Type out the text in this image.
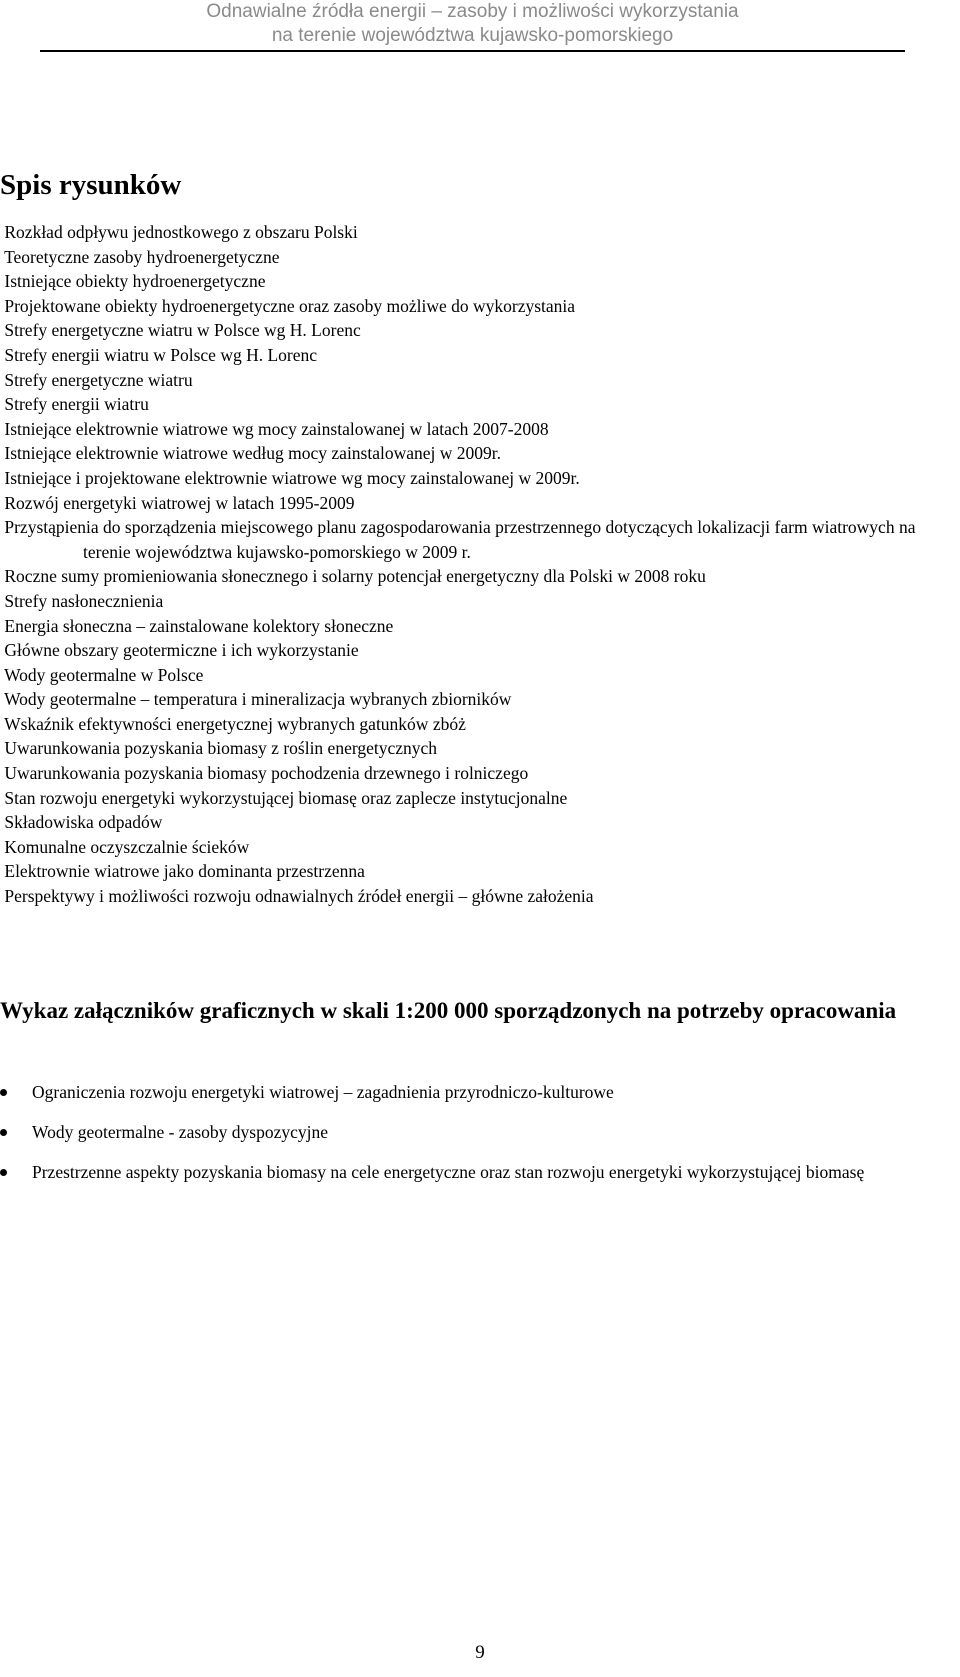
Odnawialne źródła energii – zasoby i możliwości wykorzystania
na terenie województwa kujawsko-pomorskiego
Spis rysunków
Rozkład odpływu jednostkowego z obszaru Polski
Teoretyczne zasoby hydroenergetyczne
Istniejące obiekty hydroenergetyczne
Projektowane obiekty hydroenergetyczne oraz zasoby możliwe do wykorzystania
Strefy energetyczne wiatru w Polsce wg H. Lorenc
Strefy energii wiatru w Polsce wg H. Lorenc
Strefy energetyczne wiatru
Strefy energii wiatru
Istniejące elektrownie wiatrowe wg mocy zainstalowanej w latach 2007-2008
Istniejące elektrownie wiatrowe według mocy zainstalowanej w 2009r.
Istniejące i projektowane elektrownie wiatrowe wg mocy zainstalowanej w 2009r.
Rozwój energetyki wiatrowej w latach 1995-2009
Przystąpienia do sporządzenia miejscowego planu zagospodarowania przestrzennego dotyczących lokalizacji farm wiatrowych na terenie województwa kujawsko-pomorskiego w 2009 r.
Roczne sumy promieniowania słonecznego i solarny potencjał energetyczny dla Polski w 2008 roku
Strefy nasłonecznienia
Energia słoneczna – zainstalowane kolektory słoneczne
Główne obszary geotermiczne i ich wykorzystanie
Wody geotermalne w Polsce
Wody geotermalne – temperatura i mineralizacja wybranych zbiorników
Wskaźnik efektywności energetycznej wybranych gatunków zbóż
Uwarunkowania pozyskania biomasy z roślin energetycznych
Uwarunkowania pozyskania biomasy pochodzenia drzewnego i rolniczego
Stan rozwoju energetyki wykorzystującej biomasę oraz zaplecze instytucjonalne
Składowiska odpadów
Komunalne oczyszczalnie ścieków
Elektrownie wiatrowe jako dominanta przestrzenna
Perspektywy i możliwości rozwoju odnawialnych źródeł energii – główne założenia
Wykaz załączników graficznych w skali 1:200 000 sporządzonych na potrzeby opracowania
Ograniczenia rozwoju energetyki wiatrowej – zagadnienia przyrodniczo-kulturowe
Wody geotermalne - zasoby dyspozycyjne
Przestrzenne aspekty pozyskania biomasy na cele energetyczne oraz stan rozwoju energetyki wykorzystującej biomasę
9
